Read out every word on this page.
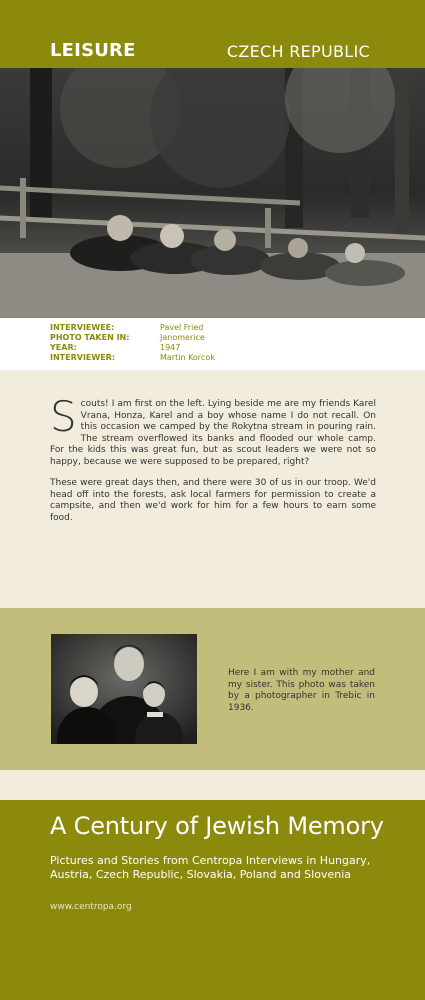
LEISURE	CZECH REPUBLIC
INTERVIEWEE:	Pavel Fried
PHOTO TAKEN IN:	Janomerice
YEAR:	1947
INTERVIEWER:	Martin Korcok

Scouts! I am first on the left. Lying beside me are my friends Karel Vrana, Honza, Karel and a boy whose name I do not recall. On this occasion we camped by the Rokytna stream in pouring rain. The stream overflowed its banks and flooded our whole camp. For the kids this was great fun, but as scout leaders we were not so happy, because we were supposed to be prepared, right?

These were great days then, and there were 30 of us in our troop. We'd head off into the forests, ask local farmers for permission to create a campsite, and then we'd work for him for a few hours to earn some food.

Here I am with my mother and my sister. This photo was taken by a photographer in Trebic in 1936.
A Century of Jewish Memory
Pictures and Stories from Centropa Interviews in Hungary, Austria, Czech Republic, Slovakia, Poland and Slovenia
www.centropa.org
